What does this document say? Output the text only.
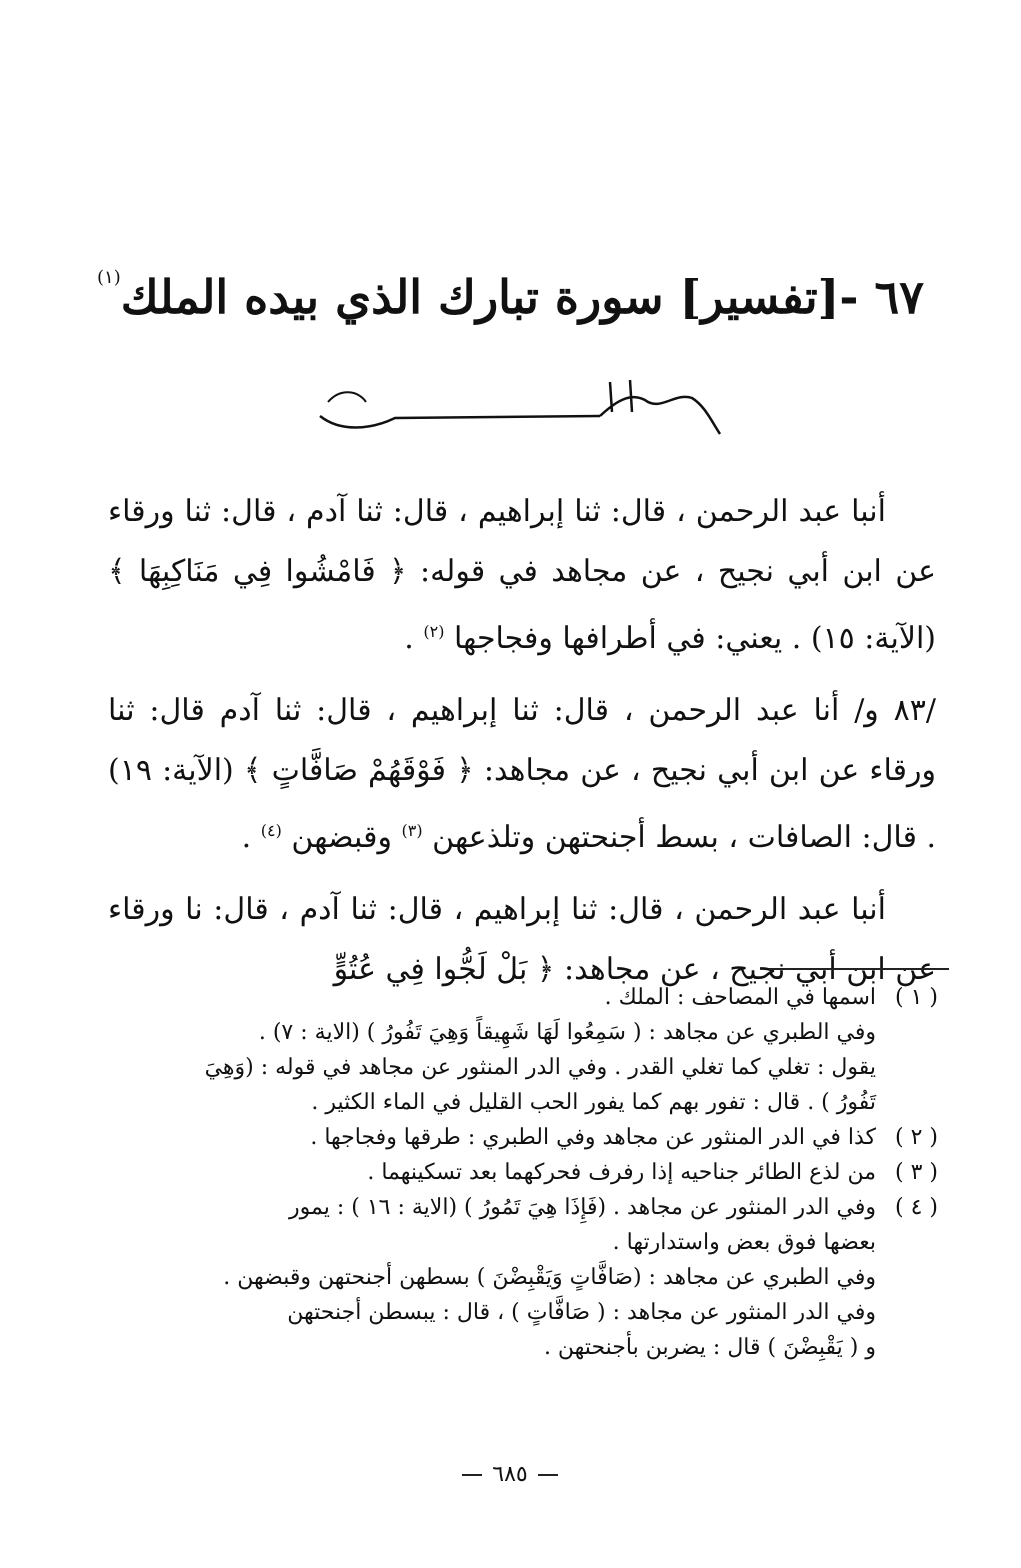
٦٧ -[تفسير] سورة تبارك الذي بيده الملك$^{(١)}$

أنبا عبد الرحمن ، قال: ثنا إبراهيم ، قال: ثنا آدم ، قال: ثنا ورقاء عن ابن أبي نجيح ، عن مجاهد في قوله: ﴿ فَامْشُوا فِي مَنَاكِبِهَا ﴾ (الآية: ١٥) . يعني: في أطرافها وفجاجها $^{(٢)}$ .

/٨٣ و/ أنا عبد الرحمن ، قال: ثنا إبراهيم ، قال: ثنا آدم قال: ثنا ورقاء عن ابن أبي نجيح ، عن مجاهد: ﴿ فَوْقَهُمْ صَافَّاتٍ ﴾ (الآية: ١٩) . قال: الصافات ، بسط أجنحتهن وتلذعهن $^{(٣)}$ وقبضهن $^{(٤)}$ .

أنبا عبد الرحمن ، قال: ثنا إبراهيم ، قال: ثنا آدم ، قال: نا ورقاء عن ابن أبي نجيح ، عن مجاهد: ﴿ بَلْ لَجُّوا فِي عُتُوٍّ

( ١ )
اسمها في المصاحف : الملك .
وفي الطبري عن مجاهد : ( سَمِعُوا لَهَا شَهِيقاً وَهِيَ تَفُورُ ) (الاية : ٧) .
يقول : تغلي كما تغلي القدر . وفي الدر المنثور عن مجاهد في قوله : (وَهِيَ
تَفُورُ ) . قال : تفور بهم كما يفور الحب القليل في الماء الكثير .
( ٢ )
كذا في الدر المنثور عن مجاهد وفي الطبري : طرقها وفجاجها .
( ٣ )
من لذع الطائر جناحيه إذا رفرف فحركهما بعد تسكينهما .
( ٤ )
وفي الدر المنثور عن مجاهد . (فَإِذَا هِيَ تَمُورُ ) (الاية : ١٦ ) : يمور
بعضها فوق بعض واستدارتها .
وفي الطبري عن مجاهد : (صَافَّاتٍ وَيَقْبِضْنَ ) بسطهن أجنحتهن وقبضهن .
وفي الدر المنثور عن مجاهد : ( صَافَّاتٍ ) ، قال : يبسطن أجنحتهن
و ( يَقْبِضْنَ ) قال : يضربن بأجنحتهن .
٦٨٥
